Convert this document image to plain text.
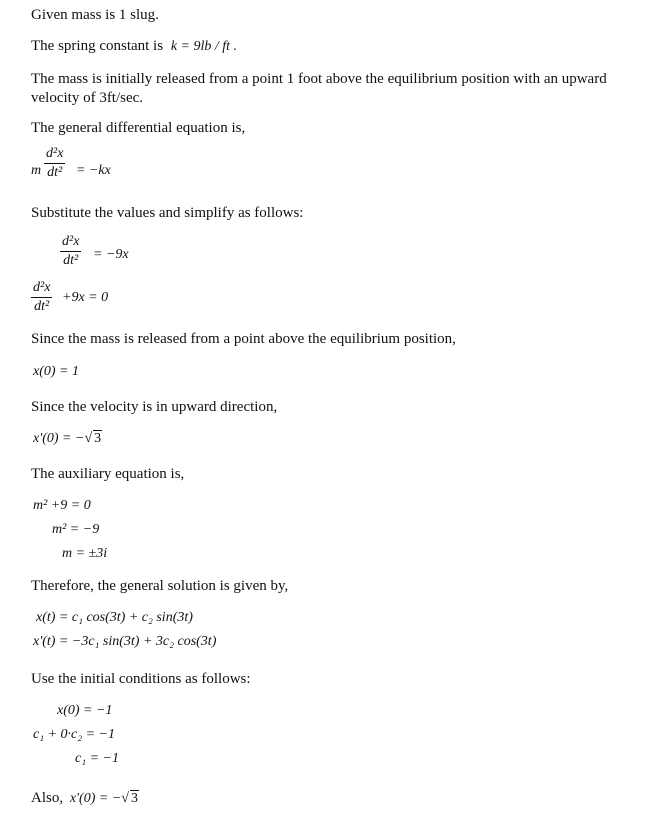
Given mass is 1 slug.
The spring constant is k = 9lb / ft .
The mass is initially released from a point 1 foot above the equilibrium position with an upward velocity of 3ft/sec.
The general differential equation is,
m
d²x
dt² = −kx
Substitute the values and simplify as follows:
d²x
dt² = −9x
d²x
dt²
+9x = 0
Since the mass is released from a point above the equilibrium position,
x(0) = 1
Since the velocity is in upward direction,
x'(0) = −√ 3
The auxiliary equation is,
m² +9 = 0
m² = −9
m = ±3i
Therefore, the general solution is given by,
x(t) = c₁ cos(3t) + c₂ sin(3t)
x'(t) = −3c₁ sin(3t) + 3c₂ cos(3t)
Use the initial conditions as follows:
x(0) = −1
c₁ + 0·c₂ = −1
c₁ = −1
Also, x'(0) = −√ 3
